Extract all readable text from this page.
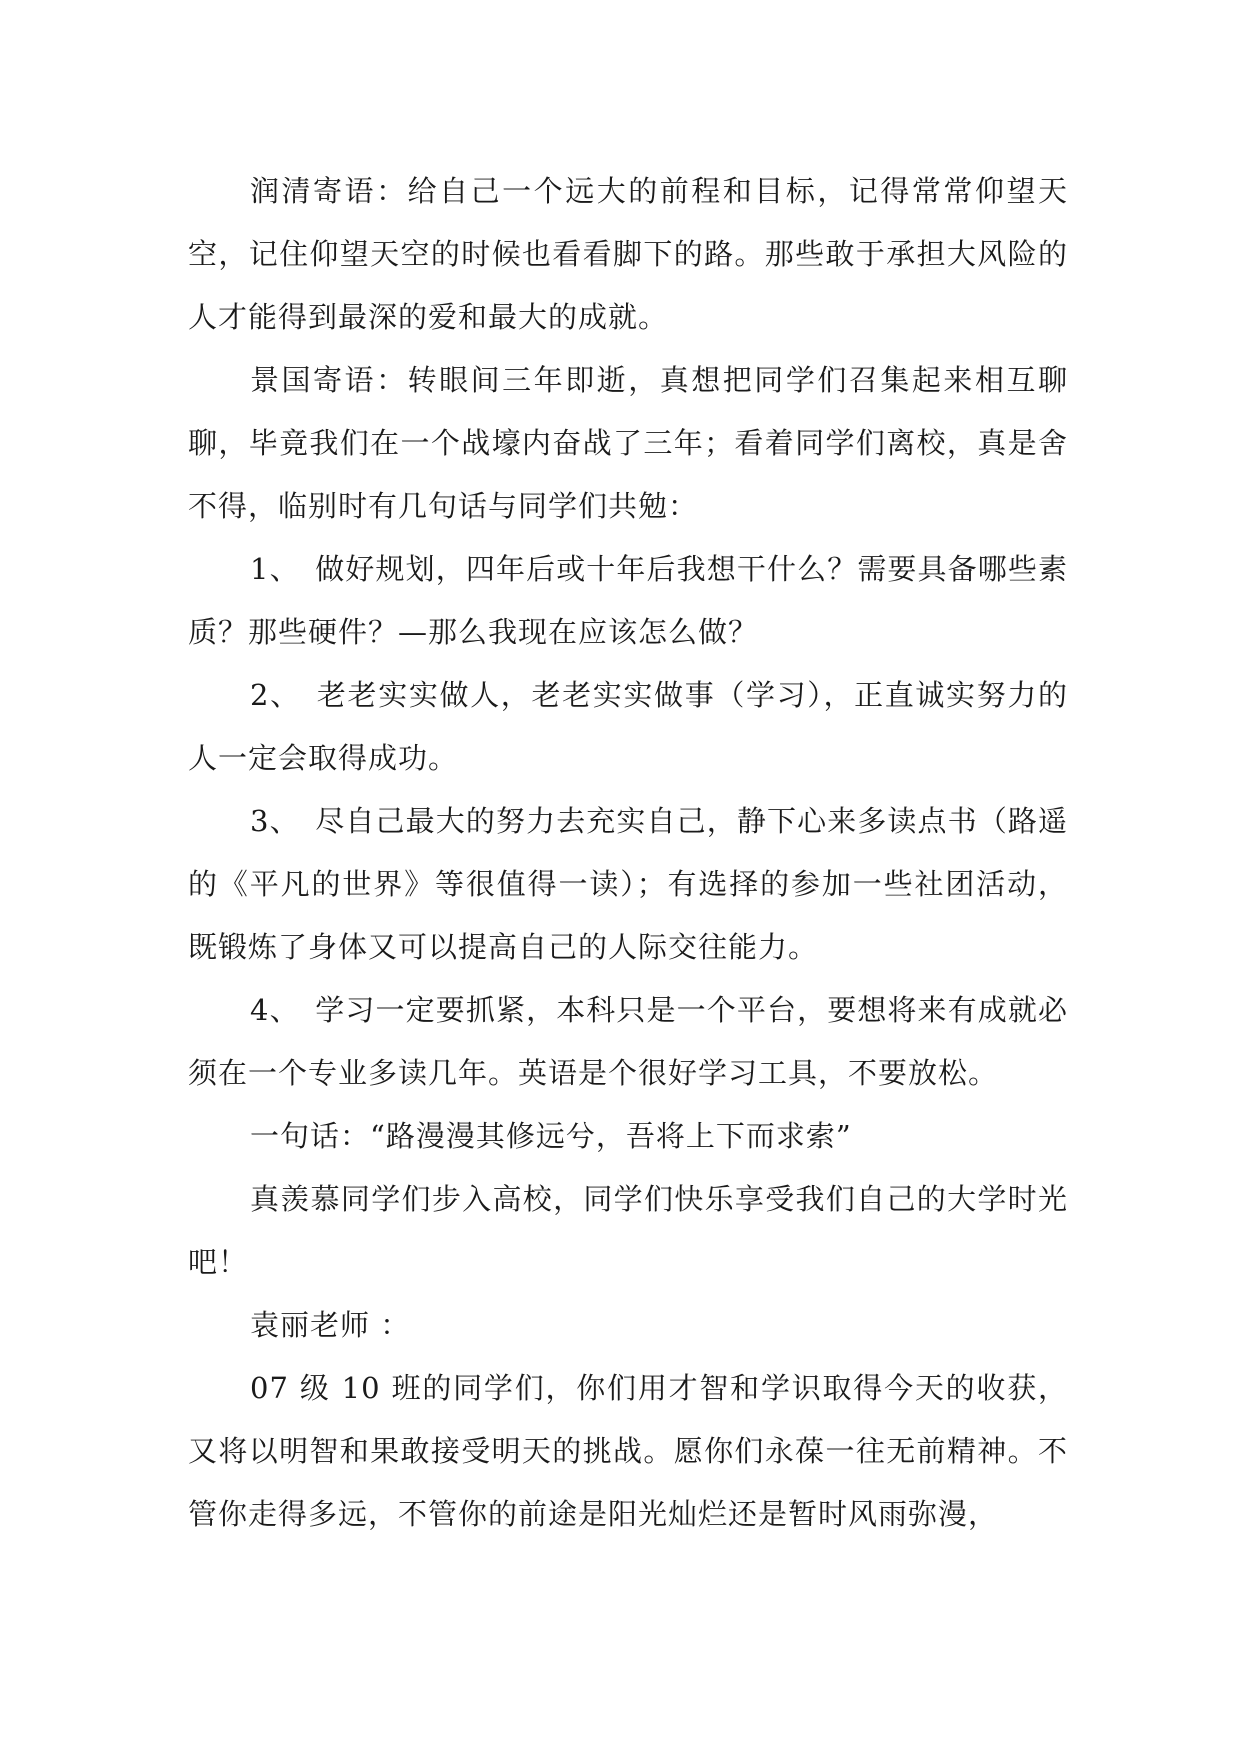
润清寄语：给自己一个远大的前程和目标，记得常常仰望天空，记住仰望天空的时候也看看脚下的路。那些敢于承担大风险的人才能得到最深的爱和最大的成就。

景国寄语：转眼间三年即逝，真想把同学们召集起来相互聊聊，毕竟我们在一个战壕内奋战了三年；看着同学们离校，真是舍不得，临别时有几句话与同学们共勉：

1、　做好规划，四年后或十年后我想干什么？需要具备哪些素质？那些硬件？—那么我现在应该怎么做？

2、　老老实实做人，老老实实做事（学习），正直诚实努力的人一定会取得成功。

3、　尽自己最大的努力去充实自己，静下心来多读点书（路遥的《平凡的世界》等很值得一读）；有选择的参加一些社团活动，既锻炼了身体又可以提高自己的人际交往能力。

4、　学习一定要抓紧，本科只是一个平台，要想将来有成就必须在一个专业多读几年。英语是个很好学习工具，不要放松。

一句话：“路漫漫其修远兮，吾将上下而求索”

真羡慕同学们步入高校，同学们快乐享受我们自己的大学时光吧！

袁丽老师 ：

07 级 10 班的同学们，你们用才智和学识取得今天的收获，又将以明智和果敢接受明天的挑战。愿你们永葆一往无前精神。不管你走得多远，不管你的前途是阳光灿烂还是暂时风雨弥漫，
